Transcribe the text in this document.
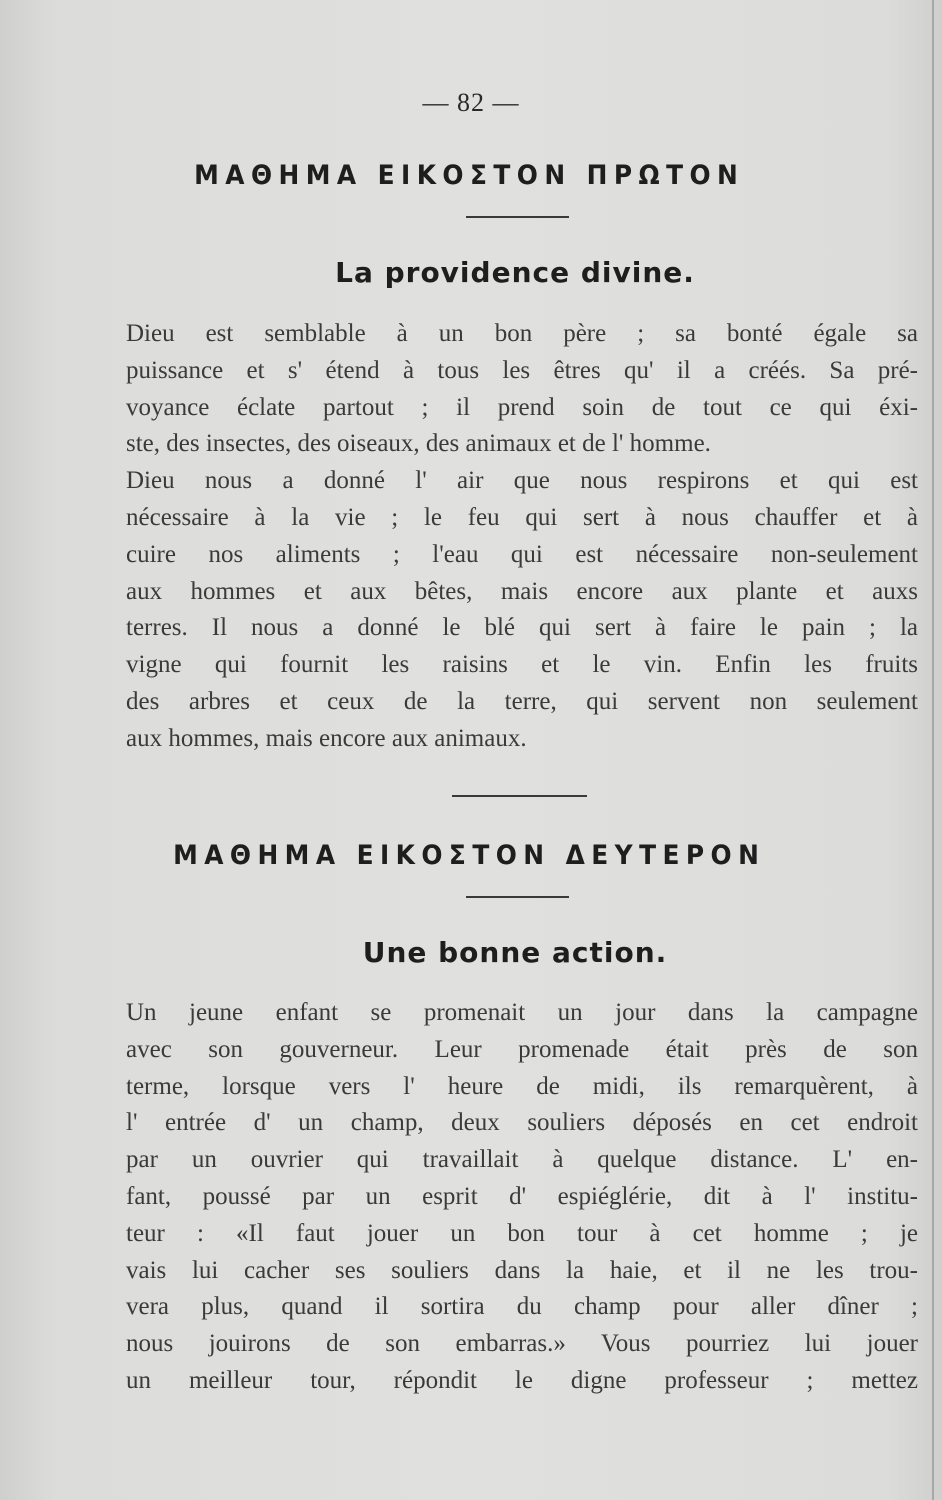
— 82 —
ΜΑΘΗΜΑ ΕΙΚΟΣΤΟΝ ΠΡΩΤΟΝ
La providence divine.
Dieu est semblable à un bon père ; sa bonté égale sa
puissance et s' étend à tous les êtres qu' il a créés. Sa pré-
voyance éclate partout ; il prend soin de tout ce qui éxi-
ste, des insectes, des oiseaux, des animaux et de l' homme.
Dieu nous a donné l' air que nous respirons et qui est
nécessaire à la vie ; le feu qui sert à nous chauffer et à
cuire nos aliments ; l'eau qui est nécessaire non-seulement
aux hommes et aux bêtes, mais encore aux plante et auxs
terres. Il nous a donné le blé qui sert à faire le pain ; la
vigne qui fournit les raisins et le vin. Enfin les fruits
des arbres et ceux de la terre, qui servent non seulement
aux hommes, mais encore aux animaux.
ΜΑΘΗΜΑ ΕΙΚΟΣΤΟΝ ΔΕΥΤΕΡΟΝ
Une bonne action.
Un jeune enfant se promenait un jour dans la campagne
avec son gouverneur. Leur promenade était près de son
terme, lorsque vers l' heure de midi, ils remarquèrent, à
l' entrée d' un champ, deux souliers déposés en cet endroit
par un ouvrier qui travaillait à quelque distance. L' en-
fant, poussé par un esprit d' espiéglérie, dit à l' institu-
teur : «Il faut jouer un bon tour à cet homme ; je
vais lui cacher ses souliers dans la haie, et il ne les trou-
vera plus, quand il sortira du champ pour aller dîner ;
nous jouirons de son embarras.» Vous pourriez lui jouer
un meilleur tour, répondit le digne professeur ; mettez
